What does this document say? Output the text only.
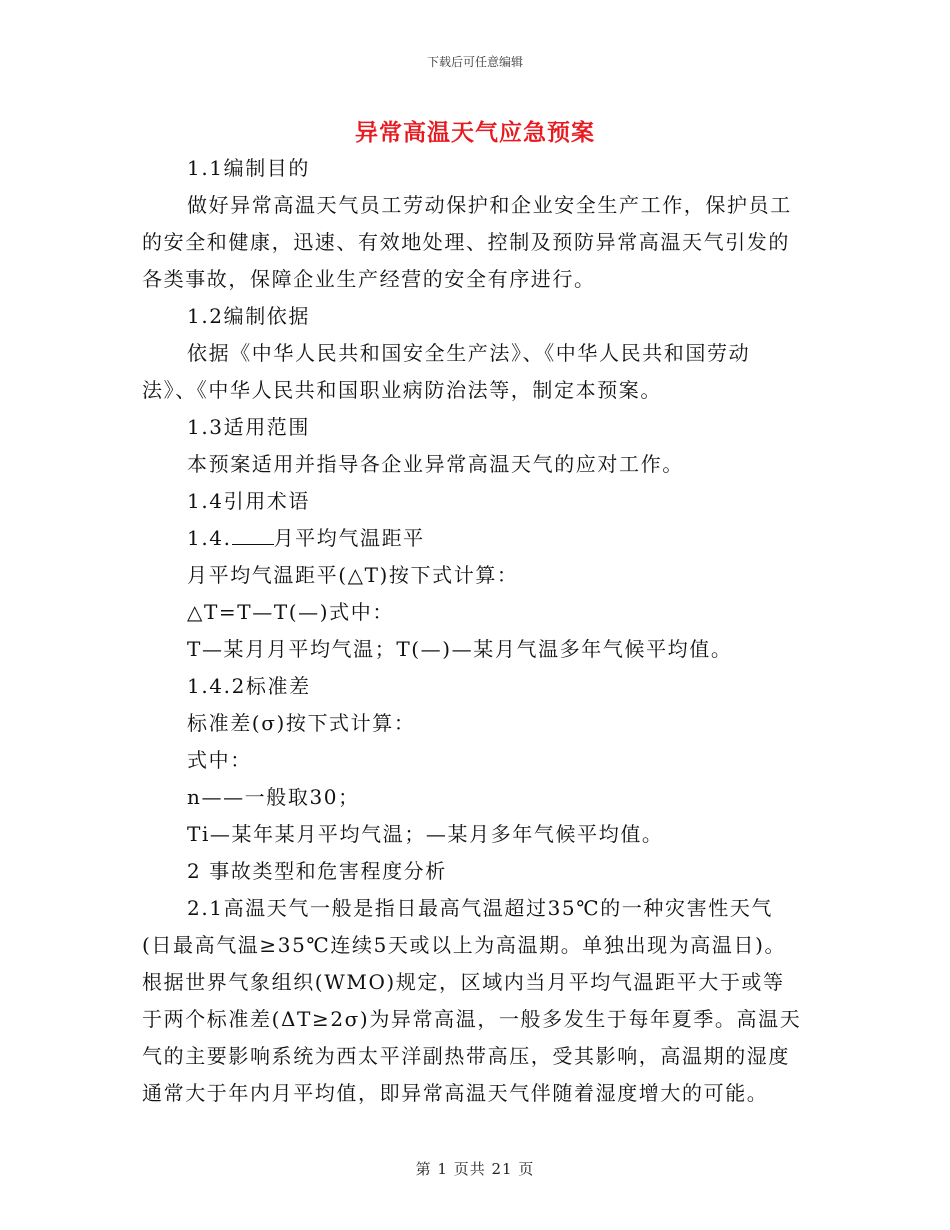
下载后可任意编辑
异常高温天气应急预案

1.1编制目的

做好异常高温天气员工劳动保护和企业安全生产工作，保护员工的安全和健康，迅速、有效地处理、控制及预防异常高温天气引发的各类事故，保障企业生产经营的安全有序进行。

1.2编制依据

依据《中华人民共和国安全生产法》、《中华人民共和国劳动法》、《中华人民共和国职业病防治法等，制定本预案。

1.3适用范围

本预案适用并指导各企业异常高温天气的应对工作。

1.4引用术语

1.4. 月平均气温距平

月平均气温距平(△T)按下式计算：

△T=T—T(—)式中：

T—某月月平均气温；T(—)—某月气温多年气候平均值。

1.4.2标准差

标准差(σ)按下式计算：

式中：

n——一般取30；

Ti—某年某月平均气温；—某月多年气候平均值。

2 事故类型和危害程度分析

2.1高温天气一般是指日最高气温超过35℃的一种灾害性天气(日最高气温≥35℃连续5天或以上为高温期。单独出现为高温日)。根据世界气象组织(WMO)规定，区域内当月平均气温距平大于或等于两个标准差(ΔT≥2σ)为异常高温，一般多发生于每年夏季。高温天气的主要影响系统为西太平洋副热带高压，受其影响，高温期的湿度通常大于年内月平均值，即异常高温天气伴随着湿度增大的可能。

第 1 页共 21 页
